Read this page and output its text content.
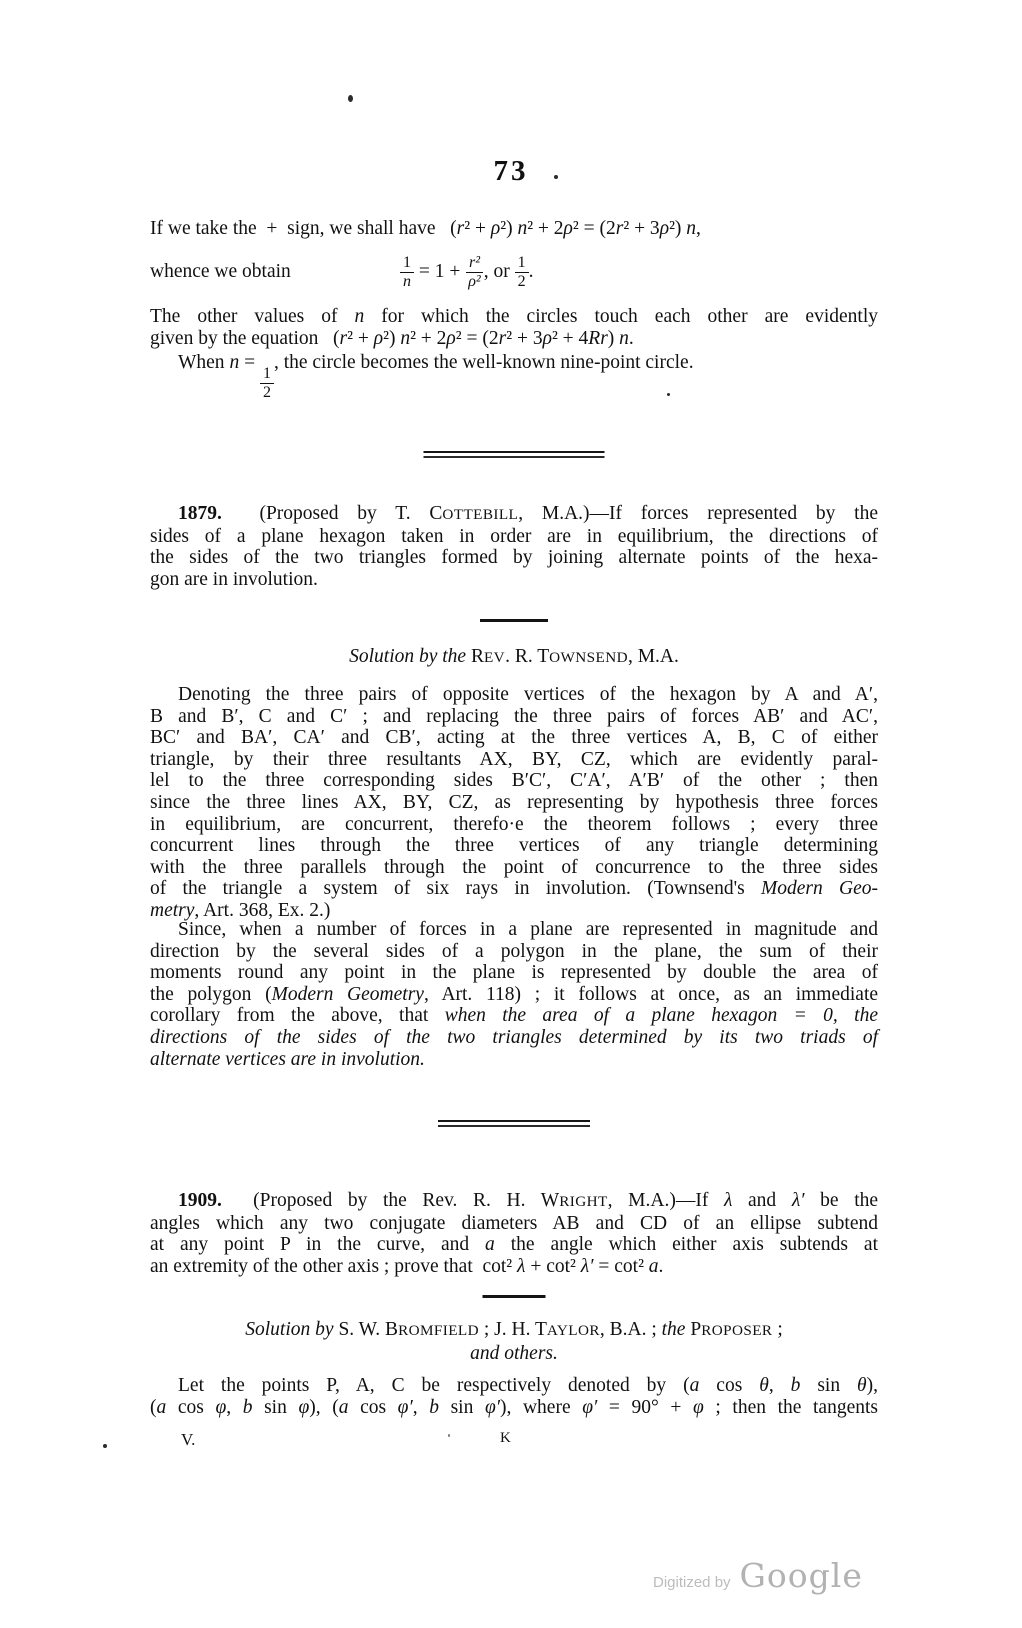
73
If we take the  +  sign, we shall have   (r² + ρ²) n² + 2ρ² = (2r² + 3ρ²) n,
whence we obtain	$\frac{1}{n} = 1 + \frac{\text{r²}}{\text{ρ²}}$ , or $\frac{1}{2}$ .
The other values of n for which the circles touch each other are evidently
given by the equation   (r² + ρ²) n² + 2ρ² = (2r² + 3ρ² + 4Rr) n.
When n =
$\frac{1}{2}$
, the circle becomes the well-known nine-point circle.
1879.  (Proposed by T. COTTEBILL, M.A.)—If forces represented by the
sides of a plane hexagon taken in order are in equilibrium, the directions of
the sides of the two triangles formed by joining alternate points of the hexa-
gon are in involution.
Solution by the REV. R. TOWNSEND, M.A.
Denoting the three pairs of opposite vertices of the hexagon by A and A′,
B and B′, C and C′ ; and replacing the three pairs of forces AB′ and AC′,
BC′ and BA′, CA′ and CB′, acting at the three vertices A, B, C of either
triangle, by their three resultants AX, BY, CZ, which are evidently paral-
lel to the three corresponding sides B′C′, C′A′, A′B′ of the other ; then
since the three lines AX, BY, CZ, as representing by hypothesis three forces
in equilibrium, are concurrent, therefo·e the theorem follows ; every three
concurrent lines through the three vertices of any triangle determining
with the three parallels through the point of concurrence to the three sides
of the triangle a system of six rays in involution. (Townsend's Modern Geo-
metry, Art. 368, Ex. 2.)
Since, when a number of forces in a plane are represented in magnitude and
direction by the several sides of a polygon in the plane, the sum of their
moments round any point in the plane is represented by double the area of
the polygon (Modern Geometry, Art. 118) ; it follows at once, as an immediate
corollary from the above, that when the area of a plane hexagon = 0, the
directions of the sides of the two triangles determined by its two triads of
alternate vertices are in involution.
1909.  (Proposed by the Rev. R. H. WRIGHT, M.A.)—If λ and λ′ be the
angles which any two conjugate diameters AB and CD of an ellipse subtend
at any point P in the curve, and a the angle which either axis subtends at
an extremity of the other axis ; prove that  cot² λ + cot² λ′ = cot² a.
Solution by S. W. BROMFIELD ; J. H. TAYLOR, B.A. ; the PROPOSER ;
and others.
Let the points P, A, C be respectively denoted by (a cos θ, b sin θ),
(a cos φ, b sin φ), (a cos φ′, b sin φ′), where φ′ = 90° + φ ; then the tangents
V.	K
Digitized by Google
